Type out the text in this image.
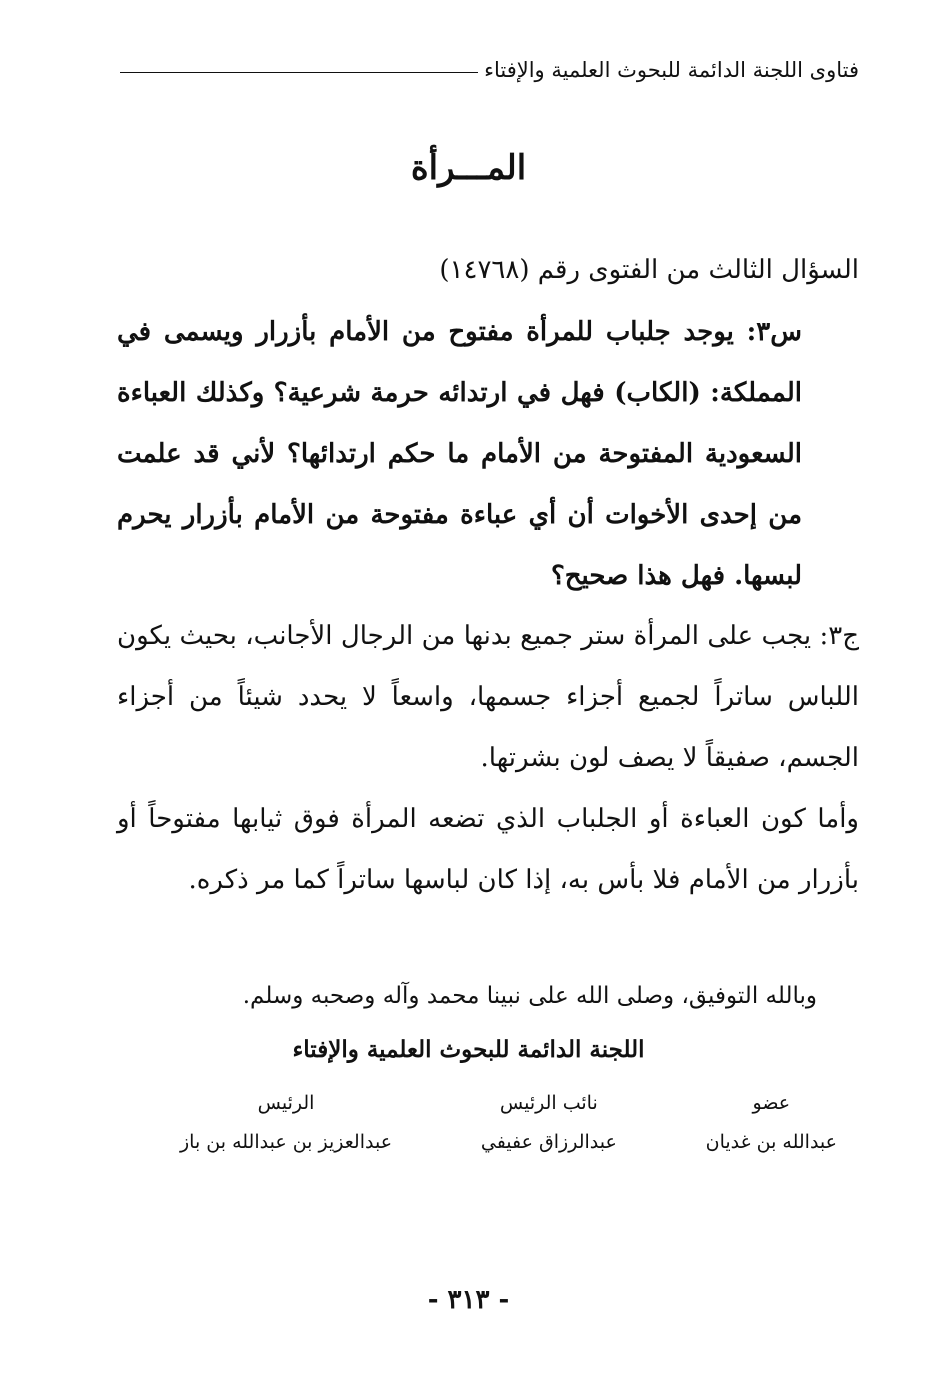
فتاوى اللجنة الدائمة للبحوث العلمية والإفتاء
المـــرأة
السؤال الثالث من الفتوى رقم (١٤٧٦٨)
س٣: يوجد جلباب للمرأة مفتوح من الأمام بأزرار ويسمى في المملكة: (الكاب) فهل في ارتدائه حرمة شرعية؟ وكذلك العباءة السعودية المفتوحة من الأمام ما حكم ارتدائها؟ لأني قد علمت من إحدى الأخوات أن أي عباءة مفتوحة من الأمام بأزرار يحرم لبسها. فهل هذا صحيح؟

ج٣: يجب على المرأة ستر جميع بدنها من الرجال الأجانب، بحيث يكون اللباس ساتراً لجميع أجزاء جسمها، واسعاً لا يحدد شيئاً من أجزاء الجسم، صفيقاً لا يصف لون بشرتها.

وأما كون العباءة أو الجلباب الذي تضعه المرأة فوق ثيابها مفتوحاً أو بأزرار من الأمام فلا بأس به، إذا كان لباسها ساتراً كما مر ذكره.

وبالله التوفيق، وصلى الله على نبينا محمد وآله وصحبه وسلم.
اللجنة الدائمة للبحوث العلمية والإفتاء
عضو
عبدالله بن غديان
نائب الرئيس
عبدالرزاق عفيفي
الرئيس
عبدالعزيز بن عبدالله بن باز
- ٣١٣ -
